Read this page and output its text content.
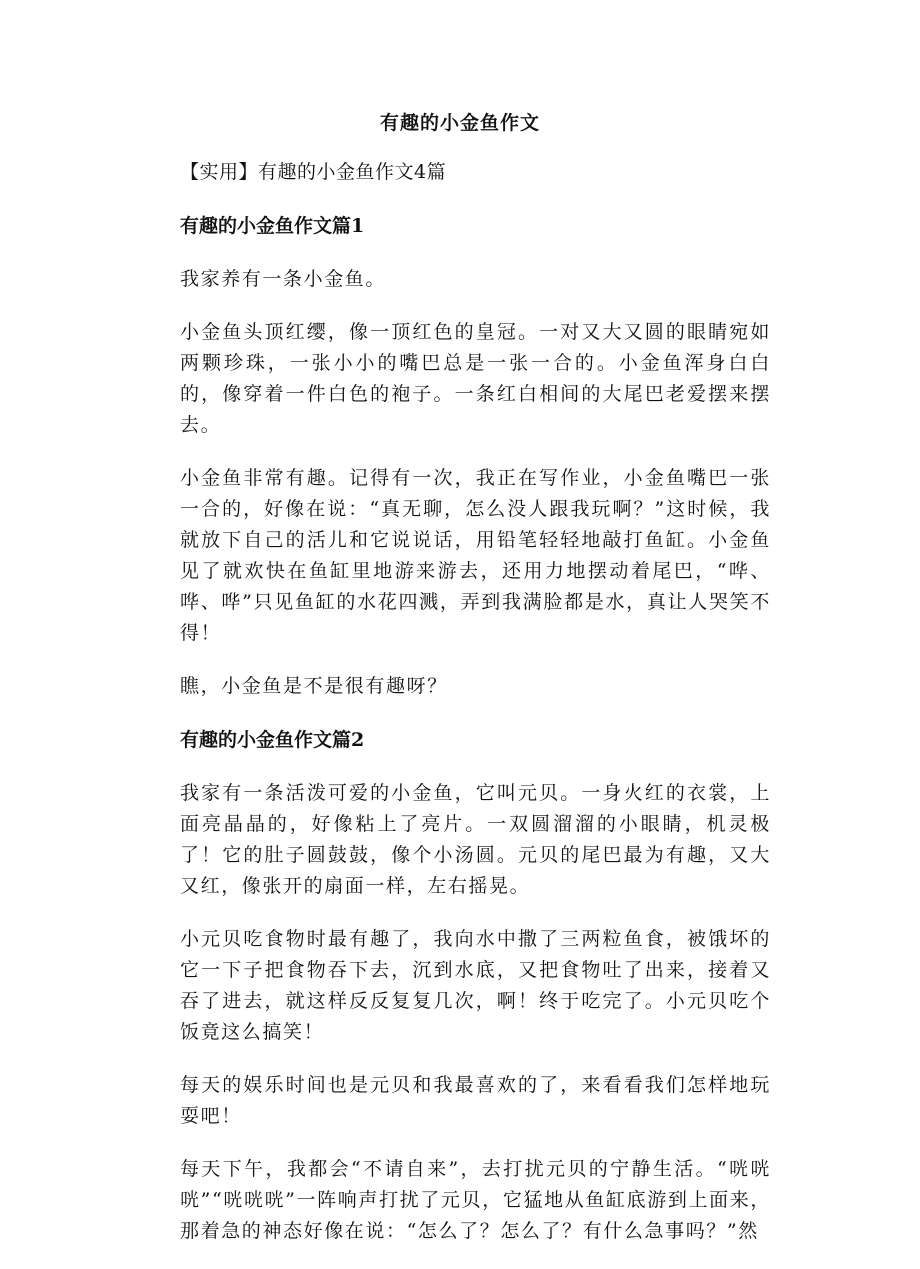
有趣的小金鱼作文
【实用】有趣的小金鱼作文4篇
有趣的小金鱼作文篇1

我家养有一条小金鱼。

小金鱼头顶红缨，像一顶红色的皇冠。一对又大又圆的眼睛宛如两颗珍珠，一张小小的嘴巴总是一张一合的。小金鱼浑身白白的，像穿着一件白色的袍子。一条红白相间的大尾巴老爱摆来摆去。

小金鱼非常有趣。记得有一次，我正在写作业，小金鱼嘴巴一张一合的，好像在说：“真无聊，怎么没人跟我玩啊？”这时候，我就放下自己的活儿和它说说话，用铅笔轻轻地敲打鱼缸。小金鱼见了就欢快在鱼缸里地游来游去，还用力地摆动着尾巴，“哗、哗、哗”只见鱼缸的水花四溅，弄到我满脸都是水，真让人哭笑不得！

瞧，小金鱼是不是很有趣呀？

有趣的小金鱼作文篇2

我家有一条活泼可爱的小金鱼，它叫元贝。一身火红的衣裳，上面亮晶晶的，好像粘上了亮片。一双圆溜溜的小眼睛，机灵极了！它的肚子圆鼓鼓，像个小汤圆。元贝的尾巴最为有趣，又大又红，像张开的扇面一样，左右摇晃。

小元贝吃食物时最有趣了，我向水中撒了三两粒鱼食，被饿坏的它一下子把食物吞下去，沉到水底，又把食物吐了出来，接着又吞了进去，就这样反反复复几次，啊！终于吃完了。小元贝吃个饭竟这么搞笑！

每天的娱乐时间也是元贝和我最喜欢的了，来看看我们怎样地玩耍吧！

每天下午，我都会“不请自来”，去打扰元贝的宁静生活。“咣咣咣”“咣咣咣”一阵响声打扰了元贝，它猛地从鱼缸底游到上面来，那着急的神态好像在说：“怎么了？怎么了？有什么急事吗？”然
